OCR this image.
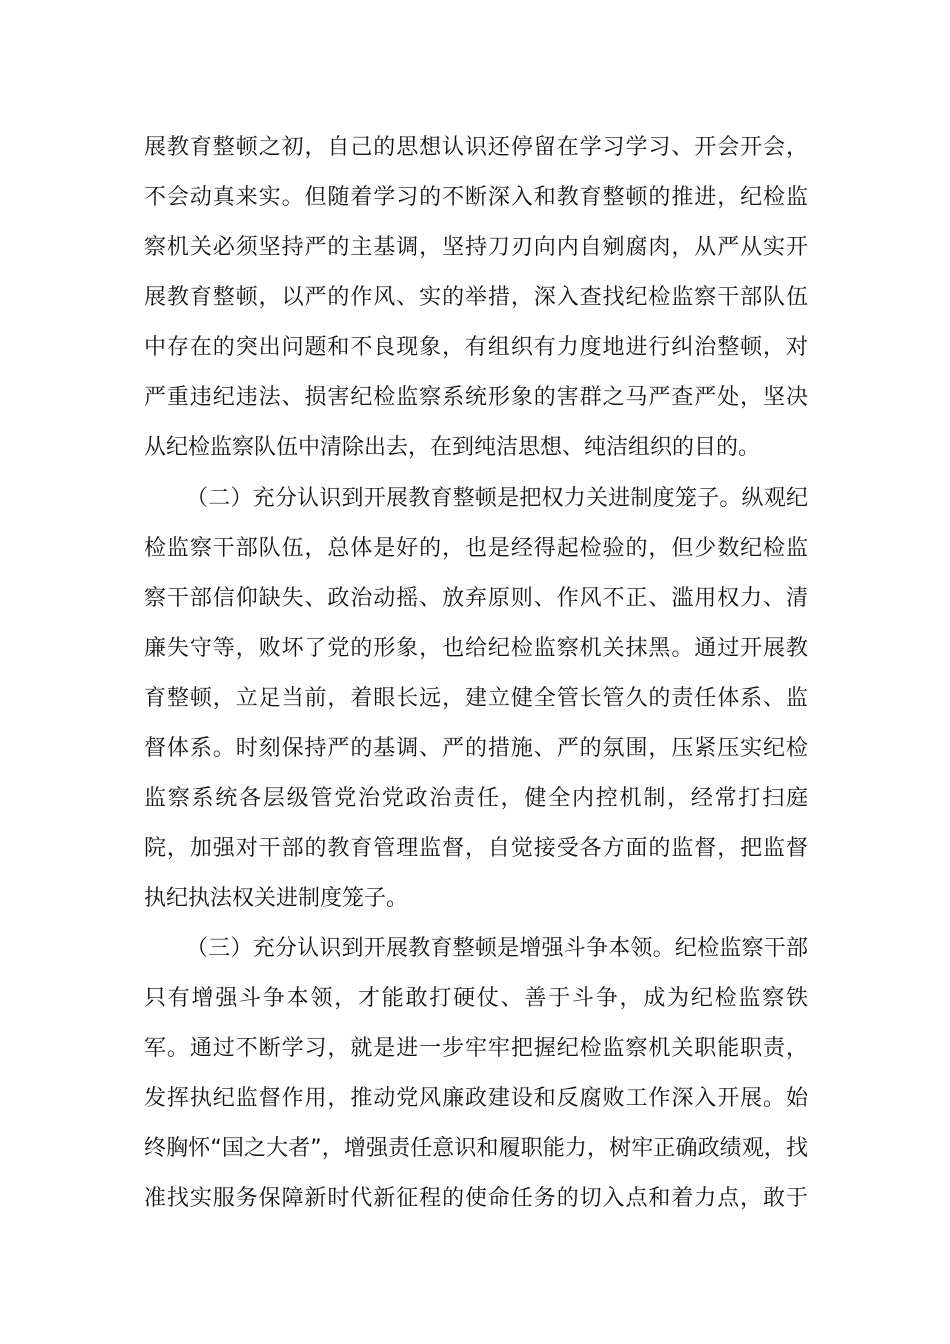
展教育整顿之初，自己的思想认识还停留在学习学习、开会开会，
不会动真来实。但随着学习的不断深入和教育整顿的推进，纪检监
察机关必须坚持严的主基调，坚持刀刃向内自剜腐肉，从严从实开
展教育整顿，以严的作风、实的举措，深入查找纪检监察干部队伍
中存在的突出问题和不良现象，有组织有力度地进行纠治整顿，对
严重违纪违法、损害纪检监察系统形象的害群之马严查严处，坚决
从纪检监察队伍中清除出去，在到纯洁思想、纯洁组织的目的。
（二）充分认识到开展教育整顿是把权力关进制度笼子。纵观纪
检监察干部队伍，总体是好的，也是经得起检验的，但少数纪检监
察干部信仰缺失、政治动摇、放弃原则、作风不正、滥用权力、清
廉失守等，败坏了党的形象，也给纪检监察机关抹黑。通过开展教
育整顿，立足当前，着眼长远，建立健全管长管久的责任体系、监
督体系。时刻保持严的基调、严的措施、严的氛围，压紧压实纪检
监察系统各层级管党治党政治责任，健全内控机制，经常打扫庭
院，加强对干部的教育管理监督，自觉接受各方面的监督，把监督
执纪执法权关进制度笼子。
（三）充分认识到开展教育整顿是增强斗争本领。纪检监察干部
只有增强斗争本领，才能敢打硬仗、善于斗争，成为纪检监察铁
军。通过不断学习，就是进一步牢牢把握纪检监察机关职能职责，
发挥执纪监督作用，推动党风廉政建设和反腐败工作深入开展。始
终胸怀“国之大者”，增强责任意识和履职能力，树牢正确政绩观，找
准找实服务保障新时代新征程的使命任务的切入点和着力点，敢于
